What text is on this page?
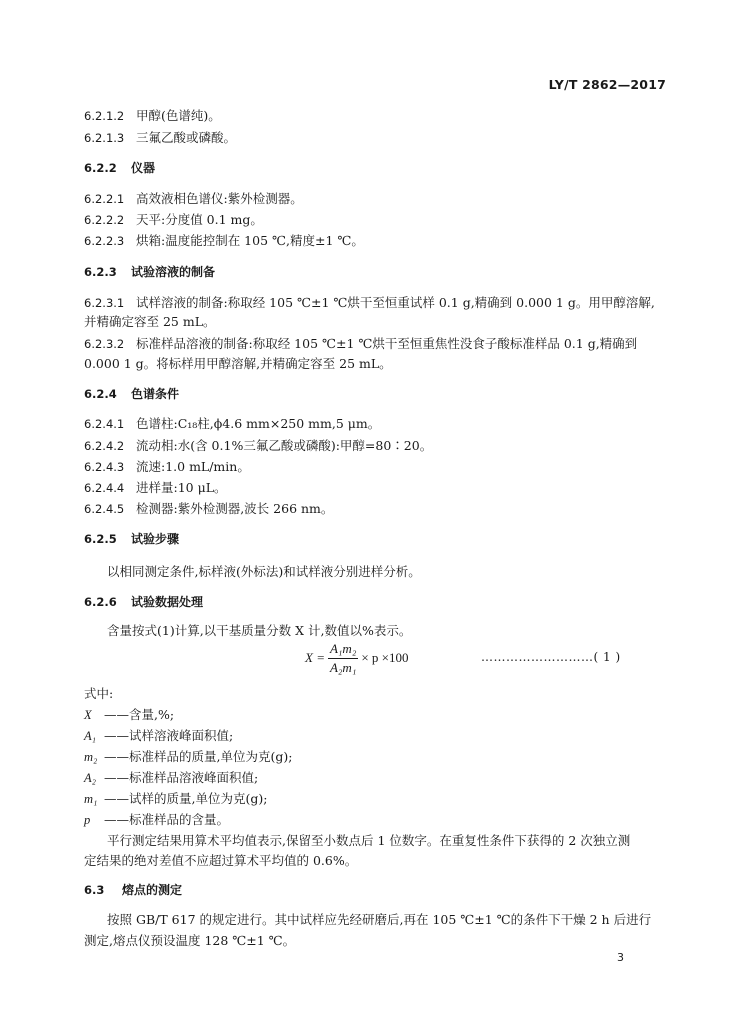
LY/T 2862—2017
6.2.1.2 甲醇(色谱纯)。
6.2.1.3 三氟乙酸或磷酸。
6.2.2 仪器
6.2.2.1 高效液相色谱仪:紫外检测器。
6.2.2.2 天平:分度值 0.1 mg。
6.2.2.3 烘箱:温度能控制在 105 ℃,精度±1 ℃。
6.2.3 试验溶液的制备
6.2.3.1 试样溶液的制备:称取经 105 ℃±1 ℃烘干至恒重试样 0.1 g,精确到 0.000 1 g。用甲醇溶解,
并精确定容至 25 mL。
6.2.3.2 标准样品溶液的制备:称取经 105 ℃±1 ℃烘干至恒重焦性没食子酸标准样品 0.1 g,精确到
0.000 1 g。将标样用甲醇溶解,并精确定容至 25 mL。
6.2.4 色谱条件
6.2.4.1 色谱柱:C₁₈柱,ϕ4.6 mm×250 mm,5 μm。
6.2.4.2 流动相:水(含 0.1%三氟乙酸或磷酸):甲醇=80∶20。
6.2.4.3 流速:1.0 mL/min。
6.2.4.4 进样量:10 μL。
6.2.4.5 检测器:紫外检测器,波长 266 nm。
6.2.5 试验步骤
以相同测定条件,标样液(外标法)和试样液分别进样分析。
6.2.6 试验数据处理
含量按式(1)计算,以干基质量分数 X 计,数值以%表示。
$X = \frac{\text{A₁m₂}}{\text{A₂m₁}} \times p \times 100$	………………………( 1 )
式中:
X ——含量,%;
A₁ ——试样溶液峰面积值;
m₂ ——标准样品的质量,单位为克(g);
A₂ ——标准样品溶液峰面积值;
m₁ ——试样的质量,单位为克(g);
p ——标准样品的含量。
平行测定结果用算术平均值表示,保留至小数点后 1 位数字。在重复性条件下获得的 2 次独立测
定结果的绝对差值不应超过算术平均值的 0.6%。
6.3 熔点的测定
按照 GB/T 617 的规定进行。其中试样应先经研磨后,再在 105 ℃±1 ℃的条件下干燥 2 h 后进行
测定,熔点仪预设温度 128 ℃±1 ℃。
3
